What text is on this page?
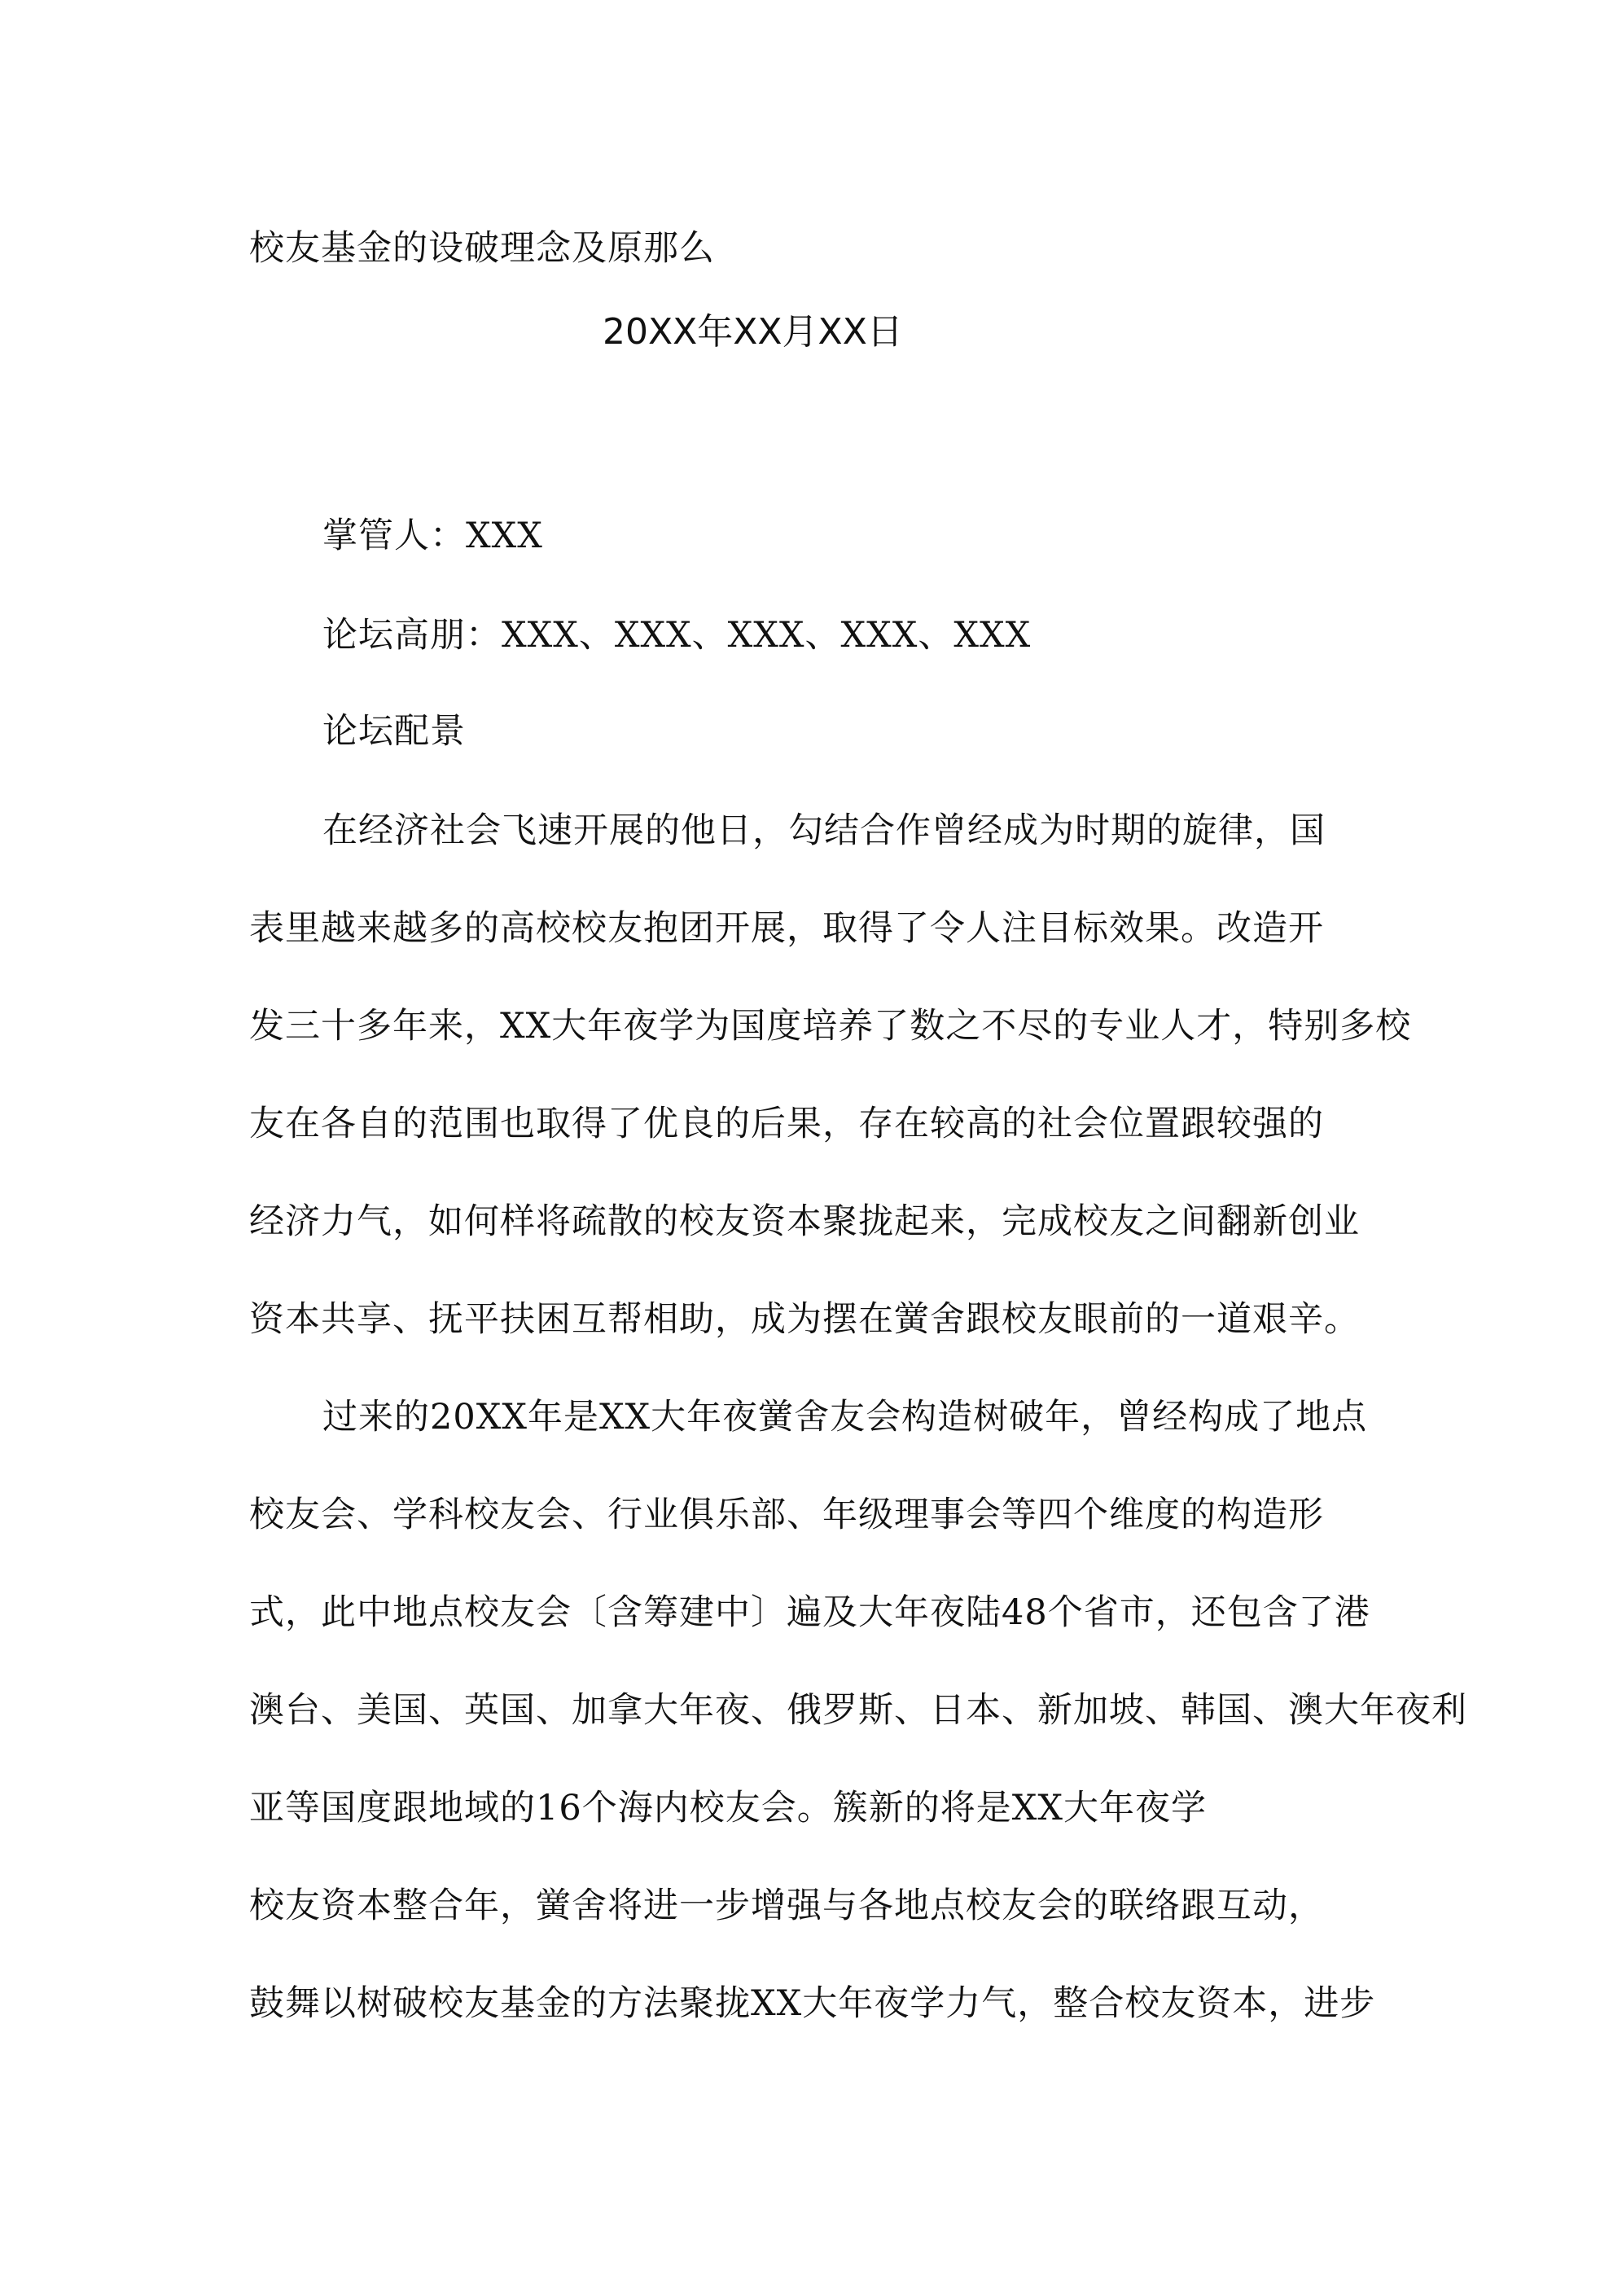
校友基金的设破理念及原那么
20XX年XX月XX日
掌管人：XXX
论坛高朋：XXX、XXX、XXX、XXX、XXX
论坛配景
在经济社会飞速开展的他日，勾结合作曾经成为时期的旋律，国
表里越来越多的高校校友抱团开展，取得了令人注目标效果。改造开
发三十多年来，XX大年夜学为国度培养了数之不尽的专业人才，特别多校
友在各自的范围也取得了优良的后果，存在较高的社会位置跟较强的
经济力气，如何样将疏散的校友资本聚拢起来，完成校友之间翻新创业
资本共享、抚平扶困互帮相助，成为摆在黉舍跟校友眼前的一道艰辛。
过来的20XX年是XX大年夜黉舍友会构造树破年，曾经构成了地点
校友会、学科校友会、行业俱乐部、年级理事会等四个维度的构造形
式，此中地点校友会〔含筹建中〕遍及大年夜陆48个省市，还包含了港
澳台、美国、英国、加拿大年夜、俄罗斯、日本、新加坡、韩国、澳大年夜利
亚等国度跟地域的16个海内校友会。簇新的将是XX大年夜学
校友资本整合年，黉舍将进一步增强与各地点校友会的联络跟互动，
鼓舞以树破校友基金的方法聚拢XX大年夜学力气，整合校友资本，进步
